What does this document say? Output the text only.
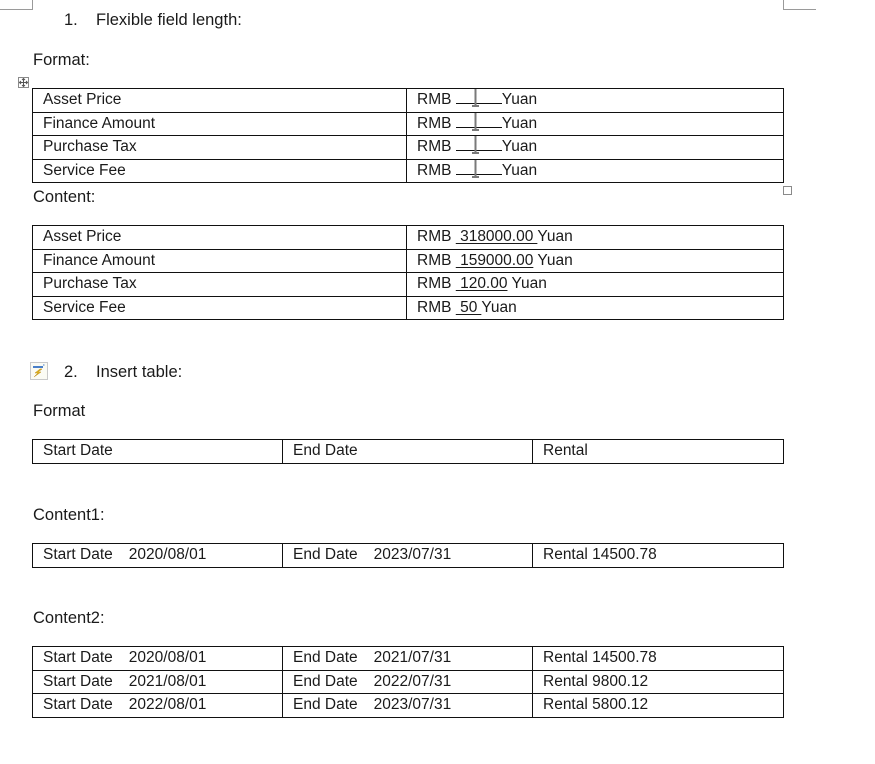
1. Flexible field length:
Format:
Asset Price	RMB Yuan
Finance Amount	RMB Yuan
Purchase Tax	RMB Yuan
Service Fee	RMB Yuan
Content:
Asset Price	RMB  318000.00 Yuan
Finance Amount	RMB  159000.00 Yuan
Purchase Tax	RMB  120.00 Yuan
Service Fee	RMB  50 Yuan
2. Insert table:
Format
Start Date	End Date	Rental
Content1:
Start Date 2020/08/01	End Date 2023/07/31	Rental 14500.78
Content2:
Start Date 2020/08/01	End Date 2021/07/31	Rental 14500.78
Start Date 2021/08/01	End Date 2022/07/31	Rental 9800.12
Start Date 2022/08/01	End Date 2023/07/31	Rental 5800.12
